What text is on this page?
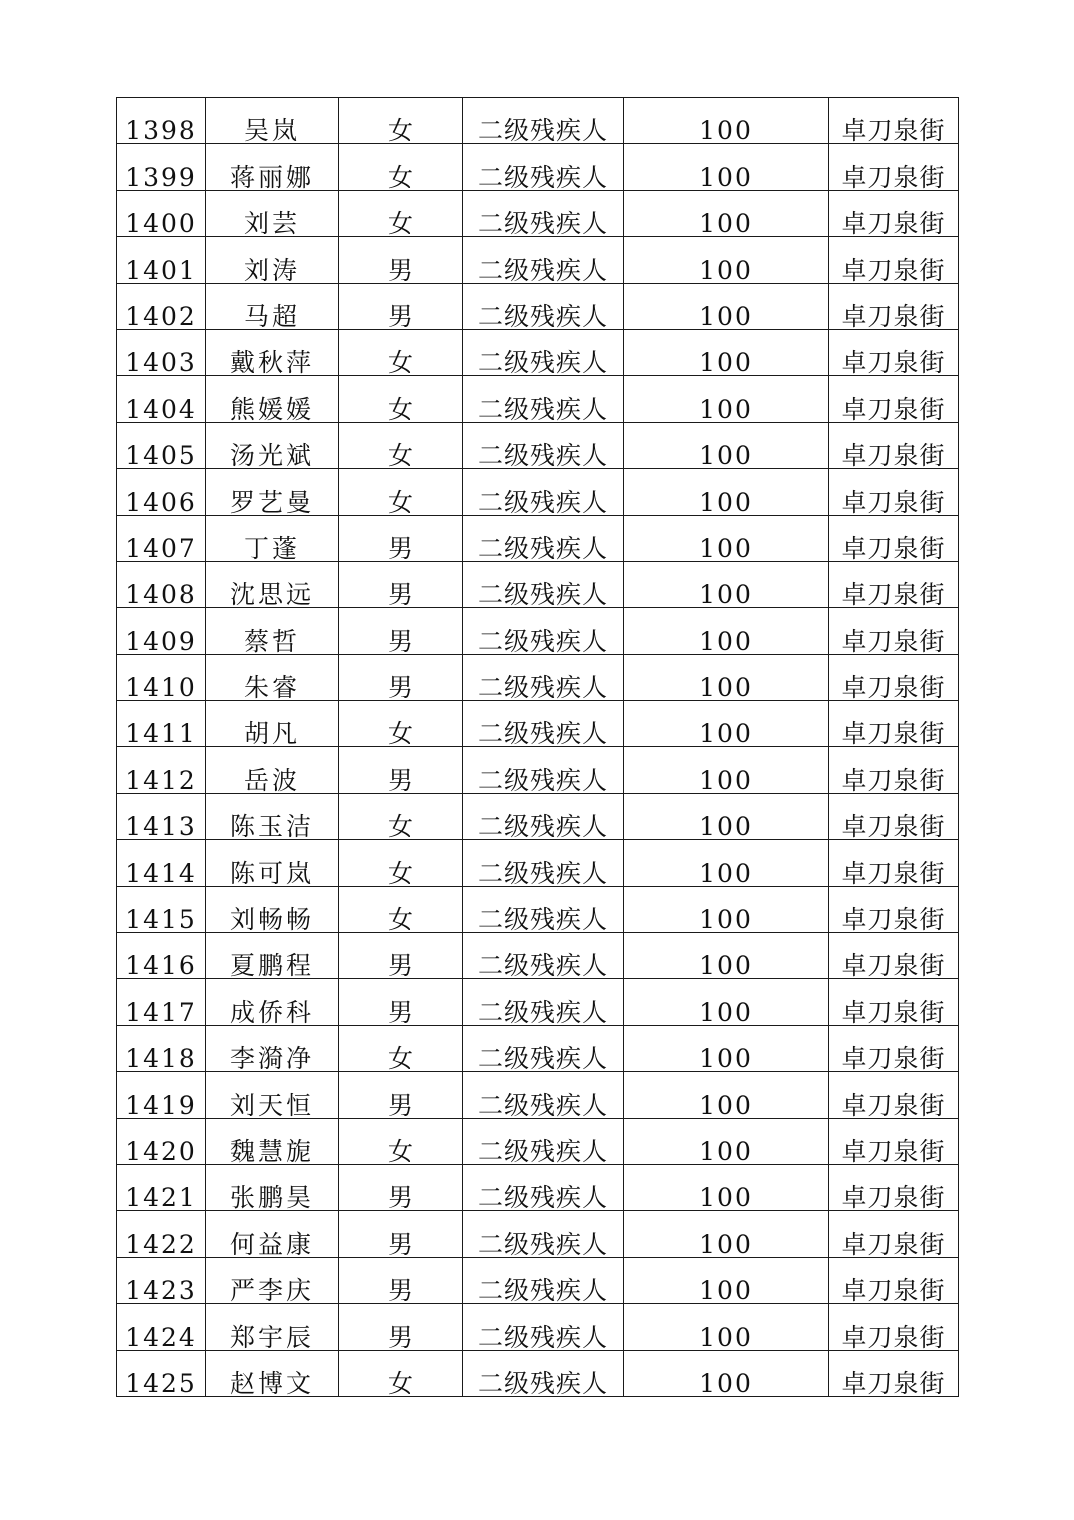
1398	吴岚	女	二级残疾人	100	卓刀泉街
1399	蒋丽娜	女	二级残疾人	100	卓刀泉街
1400	刘芸	女	二级残疾人	100	卓刀泉街
1401	刘涛	男	二级残疾人	100	卓刀泉街
1402	马超	男	二级残疾人	100	卓刀泉街
1403	戴秋萍	女	二级残疾人	100	卓刀泉街
1404	熊媛媛	女	二级残疾人	100	卓刀泉街
1405	汤光斌	女	二级残疾人	100	卓刀泉街
1406	罗艺曼	女	二级残疾人	100	卓刀泉街
1407	丁蓬	男	二级残疾人	100	卓刀泉街
1408	沈思远	男	二级残疾人	100	卓刀泉街
1409	蔡哲	男	二级残疾人	100	卓刀泉街
1410	朱睿	男	二级残疾人	100	卓刀泉街
1411	胡凡	女	二级残疾人	100	卓刀泉街
1412	岳波	男	二级残疾人	100	卓刀泉街
1413	陈玉洁	女	二级残疾人	100	卓刀泉街
1414	陈可岚	女	二级残疾人	100	卓刀泉街
1415	刘畅畅	女	二级残疾人	100	卓刀泉街
1416	夏鹏程	男	二级残疾人	100	卓刀泉街
1417	成侨科	男	二级残疾人	100	卓刀泉街
1418	李漪净	女	二级残疾人	100	卓刀泉街
1419	刘天恒	男	二级残疾人	100	卓刀泉街
1420	魏慧旎	女	二级残疾人	100	卓刀泉街
1421	张鹏昊	男	二级残疾人	100	卓刀泉街
1422	何益康	男	二级残疾人	100	卓刀泉街
1423	严李庆	男	二级残疾人	100	卓刀泉街
1424	郑宇辰	男	二级残疾人	100	卓刀泉街
1425	赵博文	女	二级残疾人	100	卓刀泉街
